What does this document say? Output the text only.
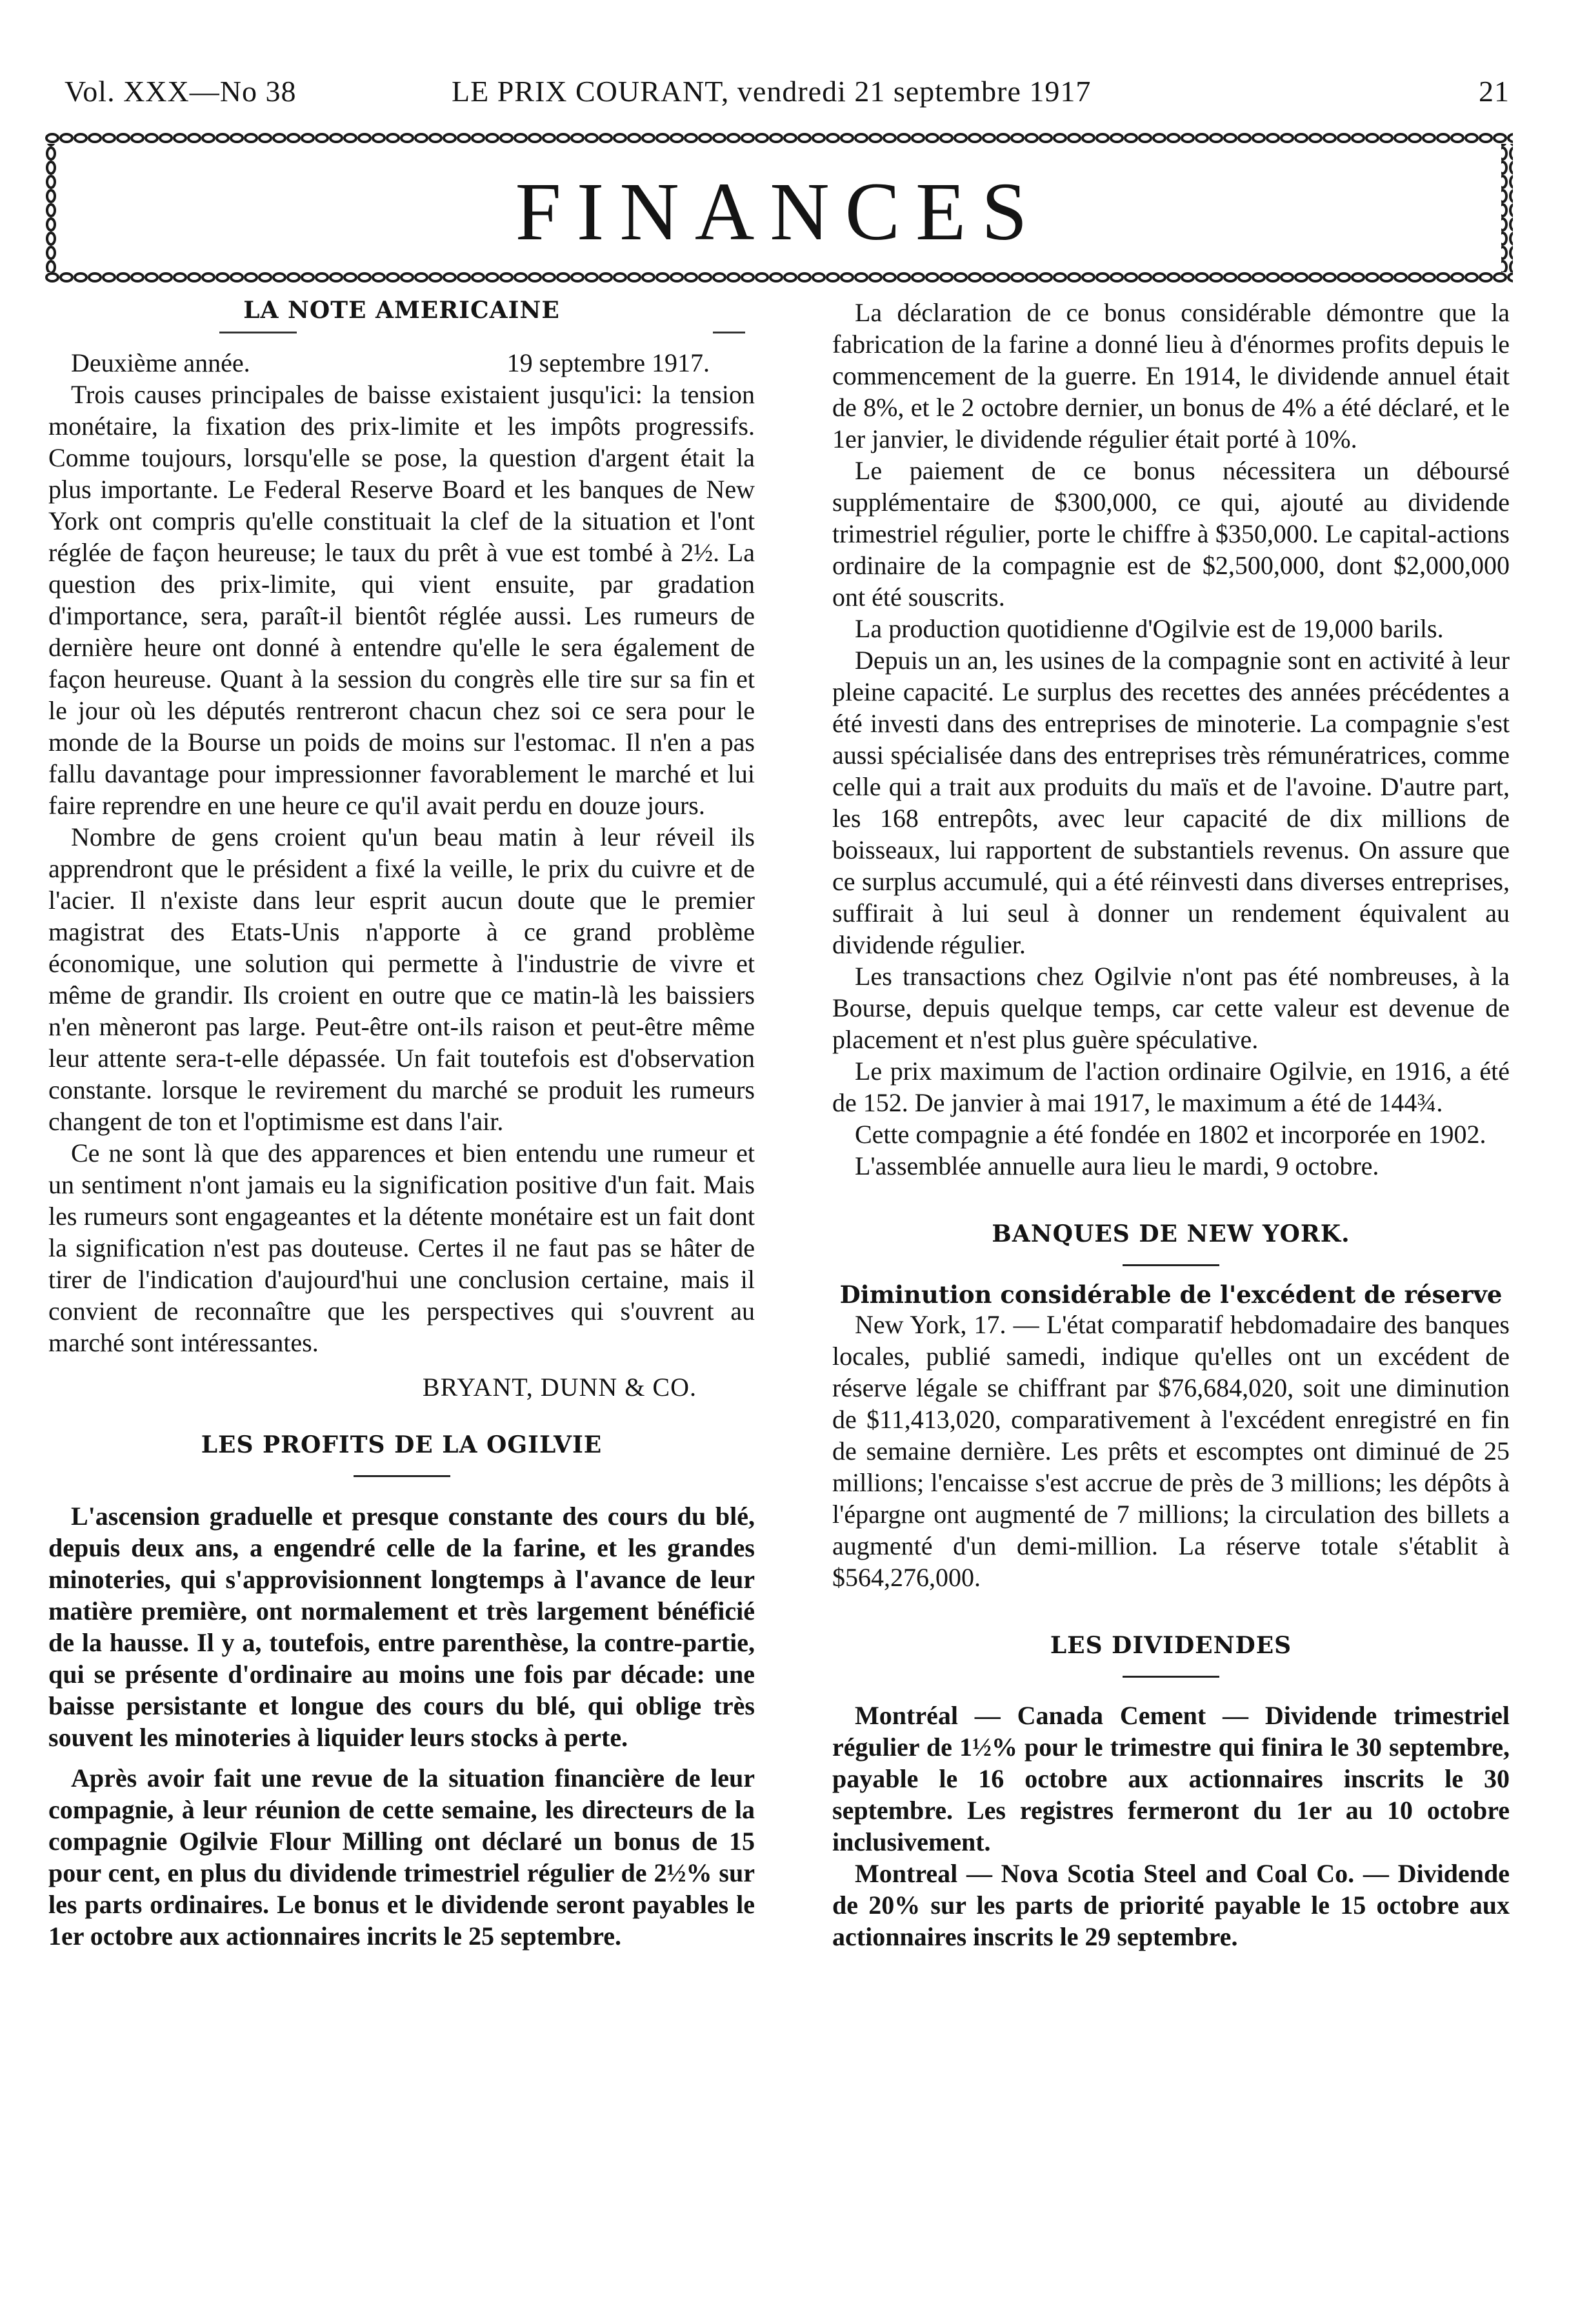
Vol. XXX—No 38	LE PRIX COURANT, vendredi 21 septembre 1917	21
FINANCES
LA NOTE AMERICAINE
Deuxième année.	19 septembre 1917.

Trois causes principales de baisse existaient jusqu'ici: la tension monétaire, la fixation des prix-limite et les impôts progressifs. Comme toujours, lorsqu'elle se pose, la question d'argent était la plus importante. Le Federal Reserve Board et les banques de New York ont compris qu'elle constituait la clef de la situation et l'ont réglée de façon heureuse; le taux du prêt à vue est tombé à 2½. La question des prix-limite, qui vient ensuite, par gradation d'importance, sera, paraît-il bientôt réglée aussi. Les rumeurs de dernière heure ont donné à entendre qu'elle le sera également de façon heureuse. Quant à la session du congrès elle tire sur sa fin et le jour où les députés rentreront chacun chez soi ce sera pour le monde de la Bourse un poids de moins sur l'estomac. Il n'en a pas fallu davantage pour impressionner favorablement le marché et lui faire reprendre en une heure ce qu'il avait perdu en douze jours.

Nombre de gens croient qu'un beau matin à leur réveil ils apprendront que le président a fixé la veille, le prix du cuivre et de l'acier. Il n'existe dans leur esprit aucun doute que le premier magistrat des Etats-Unis n'apporte à ce grand problème économique, une solution qui permette à l'industrie de vivre et même de grandir. Ils croient en outre que ce matin-là les baissiers n'en mèneront pas large. Peut-être ont-ils raison et peut-être même leur attente sera-t-elle dépassée. Un fait toutefois est d'observation constante. lorsque le revirement du marché se produit les rumeurs changent de ton et l'optimisme est dans l'air.

Ce ne sont là que des apparences et bien entendu une rumeur et un sentiment n'ont jamais eu la signification positive d'un fait. Mais les rumeurs sont engageantes et la détente monétaire est un fait dont la signification n'est pas douteuse. Certes il ne faut pas se hâter de tirer de l'indication d'aujourd'hui une conclusion certaine, mais il convient de reconnaître que les perspectives qui s'ouvrent au marché sont intéressantes.

BRYANT, DUNN & CO.
LES PROFITS DE LA OGILVIE

L'ascension graduelle et presque constante des cours du blé, depuis deux ans, a engendré celle de la farine, et les grandes minoteries, qui s'approvisionnent longtemps à l'avance de leur matière première, ont normalement et très largement bénéficié de la hausse. Il y a, toutefois, entre parenthèse, la contre-partie, qui se présente d'ordinaire au moins une fois par décade: une baisse persistante et longue des cours du blé, qui oblige très souvent les minoteries à liquider leurs stocks à perte.

Après avoir fait une revue de la situation financière de leur compagnie, à leur réunion de cette semaine, les directeurs de la compagnie Ogilvie Flour Milling ont déclaré un bonus de 15 pour cent, en plus du dividende trimestriel régulier de 2½% sur les parts ordinaires. Le bonus et le dividende seront payables le 1er octobre aux actionnaires incrits le 25 septembre.

La déclaration de ce bonus considérable démontre que la fabrication de la farine a donné lieu à d'énormes profits depuis le commencement de la guerre. En 1914, le dividende annuel était de 8%, et le 2 octobre dernier, un bonus de 4% a été déclaré, et le 1er janvier, le dividende régulier était porté à 10%.

Le paiement de ce bonus nécessitera un déboursé supplémentaire de $300,000, ce qui, ajouté au dividende trimestriel régulier, porte le chiffre à $350,000. Le capital-actions ordinaire de la compagnie est de $2,500,000, dont $2,000,000 ont été souscrits.

La production quotidienne d'Ogilvie est de 19,000 barils.

Depuis un an, les usines de la compagnie sont en activité à leur pleine capacité. Le surplus des recettes des années précédentes a été investi dans des entreprises de minoterie. La compagnie s'est aussi spécialisée dans des entreprises très rémunératrices, comme celle qui a trait aux produits du maïs et de l'avoine. D'autre part, les 168 entrepôts, avec leur capacité de dix millions de boisseaux, lui rapportent de substantiels revenus. On assure que ce surplus accumulé, qui a été réinvesti dans diverses entreprises, suffirait à lui seul à donner un rendement équivalent au dividende régulier.

Les transactions chez Ogilvie n'ont pas été nombreuses, à la Bourse, depuis quelque temps, car cette valeur est devenue de placement et n'est plus guère spéculative.

Le prix maximum de l'action ordinaire Ogilvie, en 1916, a été de 152. De janvier à mai 1917, le maximum a été de 144¾.

Cette compagnie a été fondée en 1802 et incorporée en 1902.

L'assemblée annuelle aura lieu le mardi, 9 octobre.

BANQUES DE NEW YORK.
Diminution considérable de l'excédent de réserve

New York, 17. — L'état comparatif hebdomadaire des banques locales, publié samedi, indique qu'elles ont un excédent de réserve légale se chiffrant par $76,684,020, soit une diminution de $11,413,020, comparativement à l'excédent enregistré en fin de semaine dernière. Les prêts et escomptes ont diminué de 25 millions; l'encaisse s'est accrue de près de 3 millions; les dépôts à l'épargne ont augmenté de 7 millions; la circulation des billets a augmenté d'un demi-million. La réserve totale s'établit à $564,276,000.

LES DIVIDENDES

Montréal — Canada Cement — Dividende trimestriel régulier de 1½% pour le trimestre qui finira le 30 septembre, payable le 16 octobre aux actionnaires inscrits le 30 septembre. Les registres fermeront du 1er au 10 octobre inclusivement.

Montreal — Nova Scotia Steel and Coal Co. — Dividende de 20% sur les parts de priorité payable le 15 octobre aux actionnaires inscrits le 29 septembre.
